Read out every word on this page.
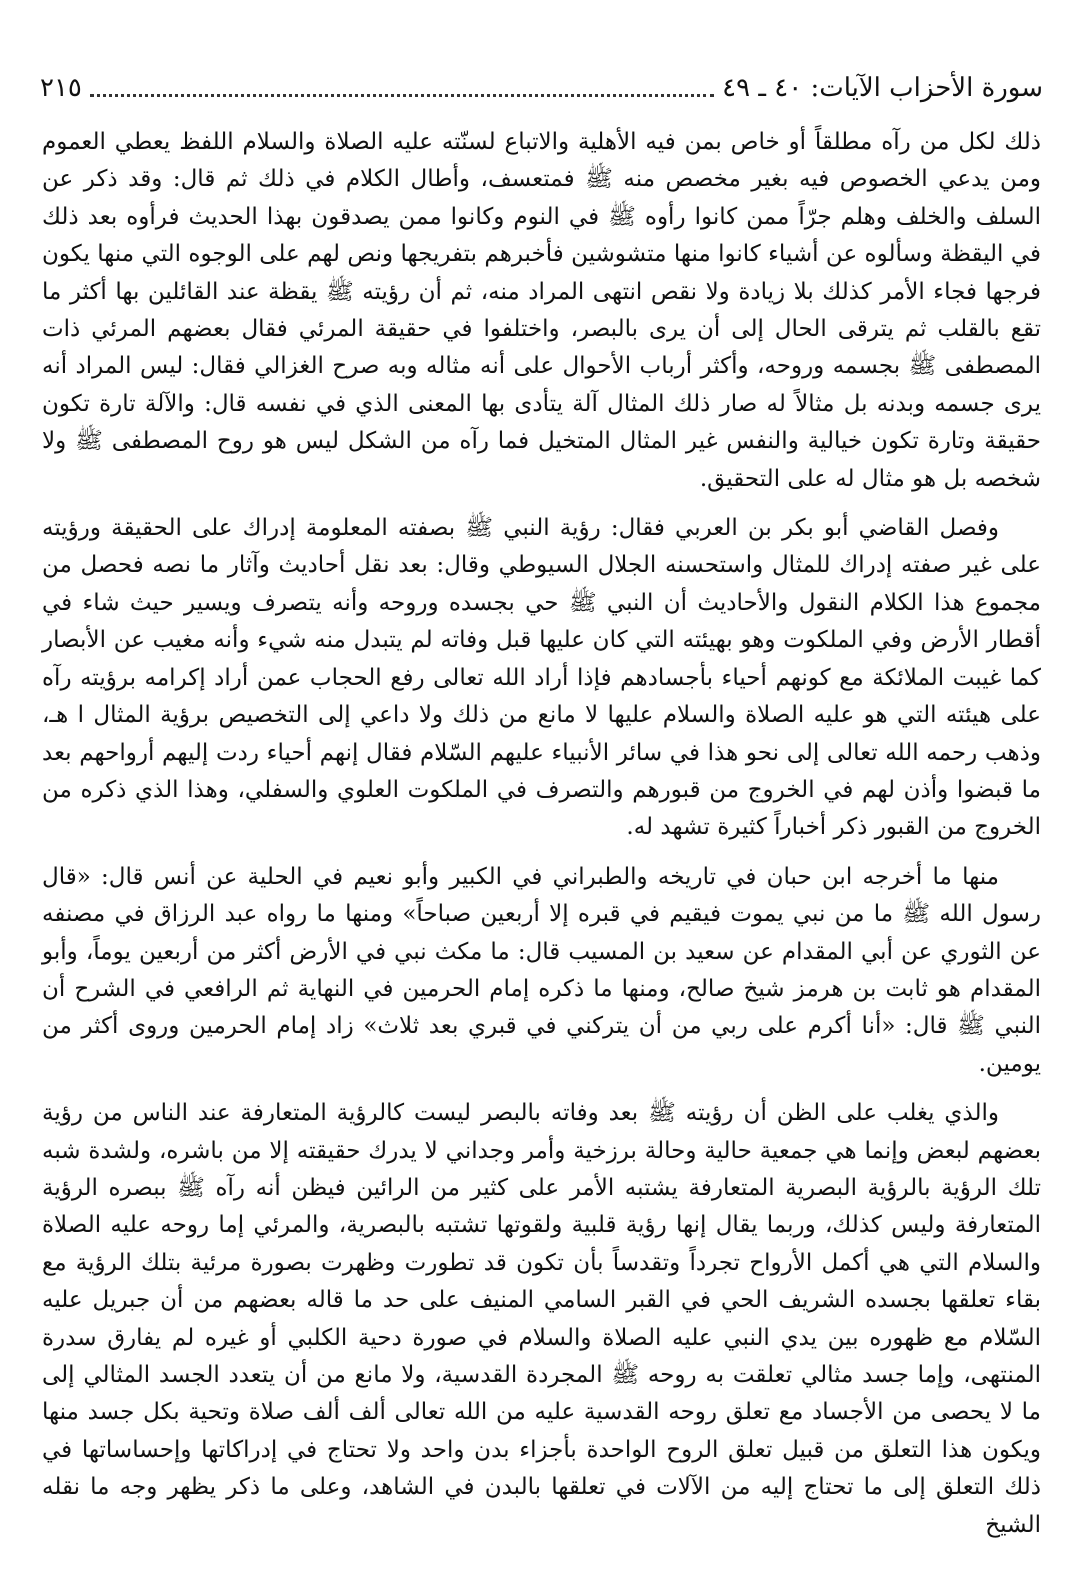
سورة الأحزاب الآيات: ٤٠ ـ ٤٩
٢١٥

ذلك لكل من رآه مطلقاً أو خاص بمن فيه الأهلية والاتباع لسنّته عليه الصلاة والسلام اللفظ يعطي العموم ومن يدعي الخصوص فيه بغير مخصص منه ﷺ فمتعسف، وأطال الكلام في ذلك ثم قال: وقد ذكر عن السلف والخلف وهلم جرّاً ممن كانوا رأوه ﷺ في النوم وكانوا ممن يصدقون بهذا الحديث فرأوه بعد ذلك في اليقظة وسألوه عن أشياء كانوا منها متشوشين فأخبرهم بتفريجها ونص لهم على الوجوه التي منها يكون فرجها فجاء الأمر كذلك بلا زيادة ولا نقص انتهى المراد منه، ثم أن رؤيته ﷺ يقظة عند القائلين بها أكثر ما تقع بالقلب ثم يترقى الحال إلى أن يرى بالبصر، واختلفوا في حقيقة المرئي فقال بعضهم المرئي ذات المصطفى ﷺ بجسمه وروحه، وأكثر أرباب الأحوال على أنه مثاله وبه صرح الغزالي فقال: ليس المراد أنه يرى جسمه وبدنه بل مثالاً له صار ذلك المثال آلة يتأدى بها المعنى الذي في نفسه قال: والآلة تارة تكون حقيقة وتارة تكون خيالية والنفس غير المثال المتخيل فما رآه من الشكل ليس هو روح المصطفى ﷺ ولا شخصه بل هو مثال له على التحقيق.

وفصل القاضي أبو بكر بن العربي فقال: رؤية النبي ﷺ بصفته المعلومة إدراك على الحقيقة ورؤيته على غير صفته إدراك للمثال واستحسنه الجلال السيوطي وقال: بعد نقل أحاديث وآثار ما نصه فحصل من مجموع هذا الكلام النقول والأحاديث أن النبي ﷺ حي بجسده وروحه وأنه يتصرف ويسير حيث شاء في أقطار الأرض وفي الملكوت وهو بهيئته التي كان عليها قبل وفاته لم يتبدل منه شيء وأنه مغيب عن الأبصار كما غيبت الملائكة مع كونهم أحياء بأجسادهم فإذا أراد الله تعالى رفع الحجاب عمن أراد إكرامه برؤيته رآه على هيئته التي هو عليه الصلاة والسلام عليها لا مانع من ذلك ولا داعي إلى التخصيص برؤية المثال ا هـ، وذهب رحمه الله تعالى إلى نحو هذا في سائر الأنبياء عليهم السّلام فقال إنهم أحياء ردت إليهم أرواحهم بعد ما قبضوا وأذن لهم في الخروج من قبورهم والتصرف في الملكوت العلوي والسفلي، وهذا الذي ذكره من الخروج من القبور ذكر أخباراً كثيرة تشهد له.

منها ما أخرجه ابن حبان في تاريخه والطبراني في الكبير وأبو نعيم في الحلية عن أنس قال: «قال رسول الله ﷺ ما من نبي يموت فيقيم في قبره إلا أربعين صباحاً» ومنها ما رواه عبد الرزاق في مصنفه عن الثوري عن أبي المقدام عن سعيد بن المسيب قال: ما مكث نبي في الأرض أكثر من أربعين يوماً، وأبو المقدام هو ثابت بن هرمز شيخ صالح، ومنها ما ذكره إمام الحرمين في النهاية ثم الرافعي في الشرح أن النبي ﷺ قال: «أنا أكرم على ربي من أن يتركني في قبري بعد ثلاث» زاد إمام الحرمين وروى أكثر من يومين.

والذي يغلب على الظن أن رؤيته ﷺ بعد وفاته بالبصر ليست كالرؤية المتعارفة عند الناس من رؤية بعضهم لبعض وإنما هي جمعية حالية وحالة برزخية وأمر وجداني لا يدرك حقيقته إلا من باشره، ولشدة شبه تلك الرؤية بالرؤية البصرية المتعارفة يشتبه الأمر على كثير من الرائين فيظن أنه رآه ﷺ ببصره الرؤية المتعارفة وليس كذلك، وربما يقال إنها رؤية قلبية ولقوتها تشتبه بالبصرية، والمرئي إما روحه عليه الصلاة والسلام التي هي أكمل الأرواح تجرداً وتقدساً بأن تكون قد تطورت وظهرت بصورة مرئية بتلك الرؤية مع بقاء تعلقها بجسده الشريف الحي في القبر السامي المنيف على حد ما قاله بعضهم من أن جبريل عليه السّلام مع ظهوره بين يدي النبي عليه الصلاة والسلام في صورة دحية الكلبي أو غيره لم يفارق سدرة المنتهى، وإما جسد مثالي تعلقت به روحه ﷺ المجردة القدسية، ولا مانع من أن يتعدد الجسد المثالي إلى ما لا يحصى من الأجساد مع تعلق روحه القدسية عليه من الله تعالى ألف ألف صلاة وتحية بكل جسد منها ويكون هذا التعلق من قبيل تعلق الروح الواحدة بأجزاء بدن واحد ولا تحتاج في إدراكاتها وإحساساتها في ذلك التعلق إلى ما تحتاج إليه من الآلات في تعلقها بالبدن في الشاهد، وعلى ما ذكر يظهر وجه ما نقله الشيخ
